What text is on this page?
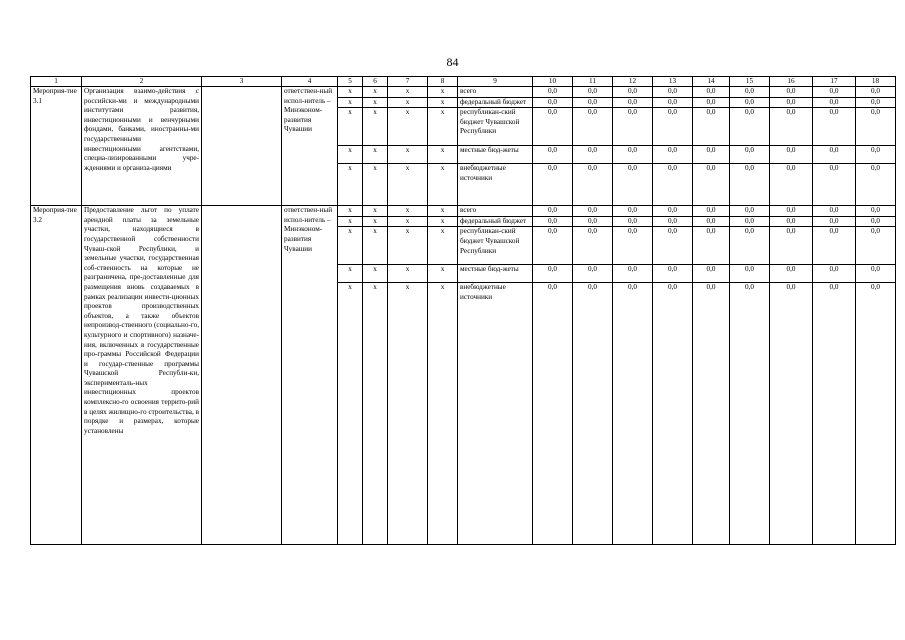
84
1	2	3	4	5	6	7	8	9	10	11	12	13	14	15	16	17	18
Мероприя-тие 3.1	Организация взаимо-действия с российски-ми и международными институтами развития, инвестиционными и венчурными фондами, банками, иностранны-ми государственными инвестиционными агентствами, специа-лизированными учре-ждениями и организа-циями		ответствен-ный испол-нитель – Минэконом-развития Чувашии	x	x	x	x	всего	0,0	0,0	0,0	0,0	0,0	0,0	0,0	0,0	0,0
				x	x	x	x	федеральный бюджет	0,0	0,0	0,0	0,0	0,0	0,0	0,0	0,0	0,0
				x	x	x	x	республикан-ский бюджет Чувашской Республики	0,0	0,0	0,0	0,0	0,0	0,0	0,0	0,0	0,0
				x	x	x	x	местные бюд-жеты	0,0	0,0	0,0	0,0	0,0	0,0	0,0	0,0	0,0
				x	x	x	x	внебюджетные источники	0,0	0,0	0,0	0,0	0,0	0,0	0,0	0,0	0,0
Мероприя-тие 3.2	Предоставление льгот по уплате арендной платы за земельные участки, находящиеся в государственной собственности Чуваш-ской Республики, и земельные участки, государственная соб-ственность на которые не разграничена, пре-доставленные для размещения вновь создаваемых в рамках реализации инвести-ционных проектов производственных объектов, а также объектов непроизвод-ственного (социально-го, культурного и спортивного) назначе-ния, включенных в государственные про-граммы Российской Федерации и государ-ственные программы Чувашской Республи-ки, эксперименталь-ных инвестиционных проектов комплексно-го освоения террито-рий в целях жилищно-го строительства, в порядке и размерах, которые установлены		ответствен-ный испол-нитель – Минэконом-развития Чувашии	x	x	x	x	всего	0,0	0,0	0,0	0,0	0,0	0,0	0,0	0,0	0,0
				x	x	x	x	федеральный бюджет	0,0	0,0	0,0	0,0	0,0	0,0	0,0	0,0	0,0
				x	x	x	x	республикан-ский бюджет Чувашской Республики	0,0	0,0	0,0	0,0	0,0	0,0	0,0	0,0	0,0
				x	x	x	x	местные бюд-жеты	0,0	0,0	0,0	0,0	0,0	0,0	0,0	0,0	0,0
				x	x	x	x	внебюджетные источники	0,0	0,0	0,0	0,0	0,0	0,0	0,0	0,0	0,0
